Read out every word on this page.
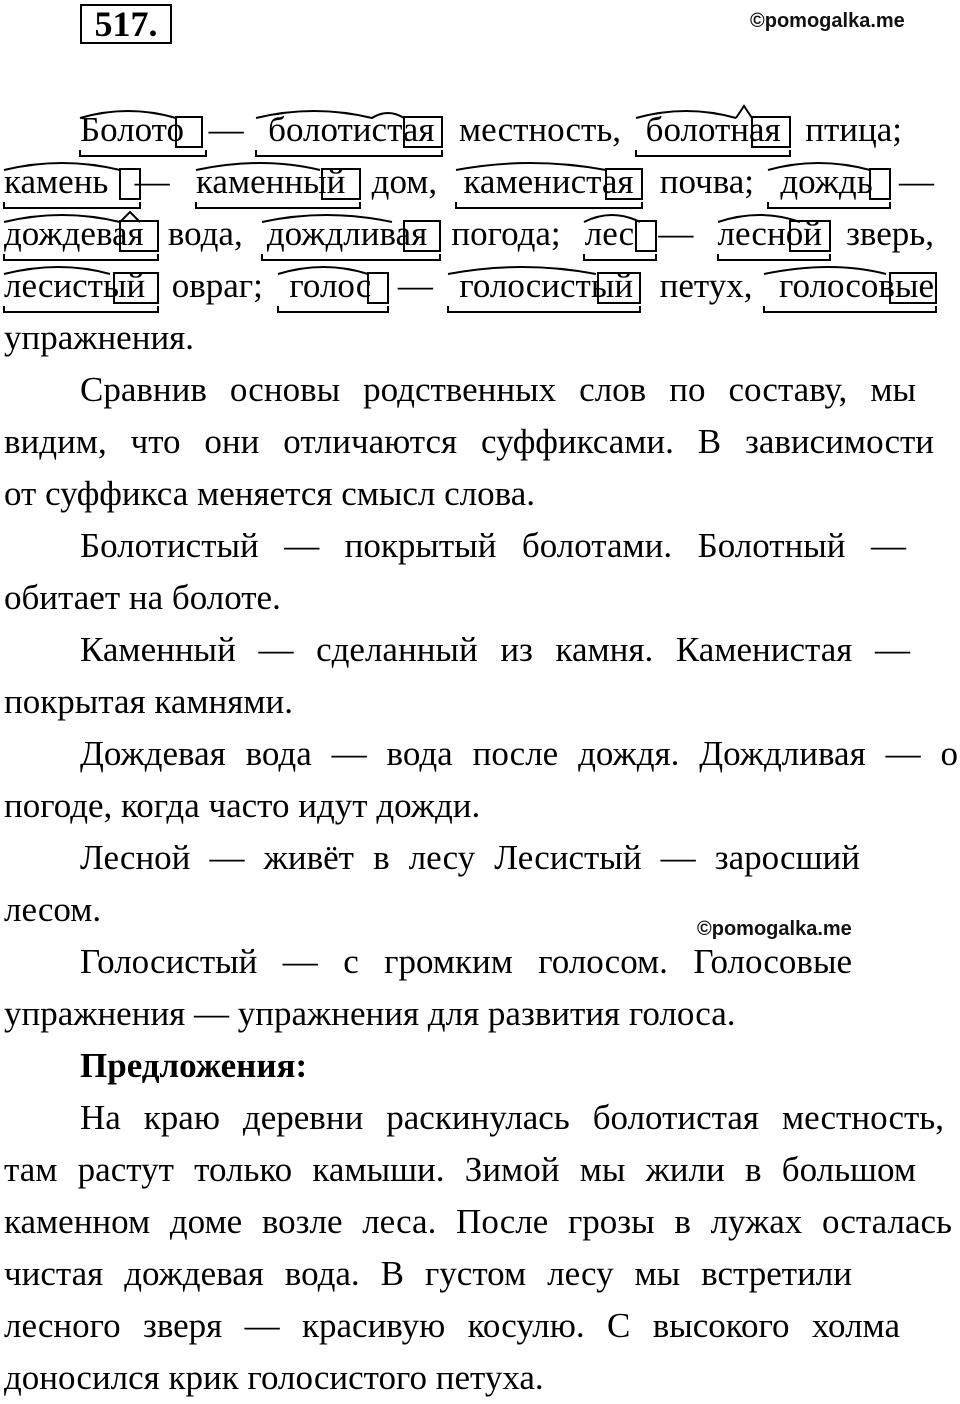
517.	©pomogalka.me
Болото — болотистая местность, болотная птица;
камень — каменный дом, каменистая почва; дождь —
дождевая вода, дождливая погода; лес — лесной зверь,
лесистый овраг; голос — голосистый петух, голосовые
упражнения.
Сравнив основы родственных слов по составу, мы
видим, что они отличаются суффиксами. В зависимости
от суффикса меняется смысл слова.
Болотистый — покрытый болотами. Болотный —
обитает на болоте.
Каменный — сделанный из камня. Каменистая —
покрытая камнями.
Дождевая вода — вода после дождя. Дождливая — о
погоде, когда часто идут дожди.
Лесной — живёт в лесу Лесистый — заросший
лесом.
Голосистый — с громким голосом. Голосовые
упражнения — упражнения для развития голоса.
©pomogalka.me
Предложения:
На краю деревни раскинулась болотистая местность,
там растут только камыши. Зимой мы жили в большом
каменном доме возле леса. После грозы в лужах осталась
чистая дождевая вода. В густом лесу мы встретили
лесного зверя — красивую косулю. С высокого холма
доносился крик голосистого петуха.
